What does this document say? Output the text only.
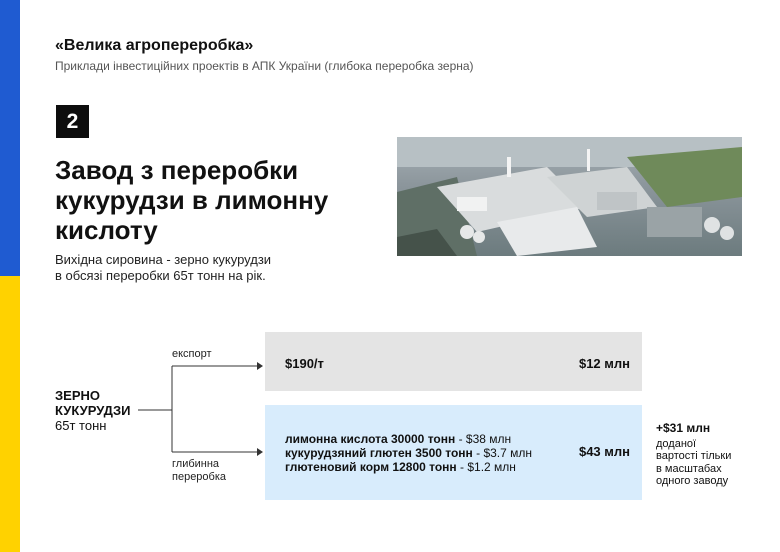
«Велика агропереробка»
Приклади інвестиційних проектів в АПК України (глибока переробка зерна)
2
Завод з переробки
кукурудзи в лимонну
кислоту
Вихідна сировина - зерно кукурудзи
в обсязі переробки 65т тонн на рік.
ЗЕРНО
КУКУРУДЗИ
65т тонн
експорт
глибинна
переробка
$190/т	$12 млн
лимонна кислота 30000 тонн - $38 млн
кукурудзяний глютен 3500 тонн - $3.7 млн
глютеновий корм 12800 тонн - $1.2 млн
$43 млн
+$31 млн
доданої
вартості тільки
в масштабах
одного заводу
